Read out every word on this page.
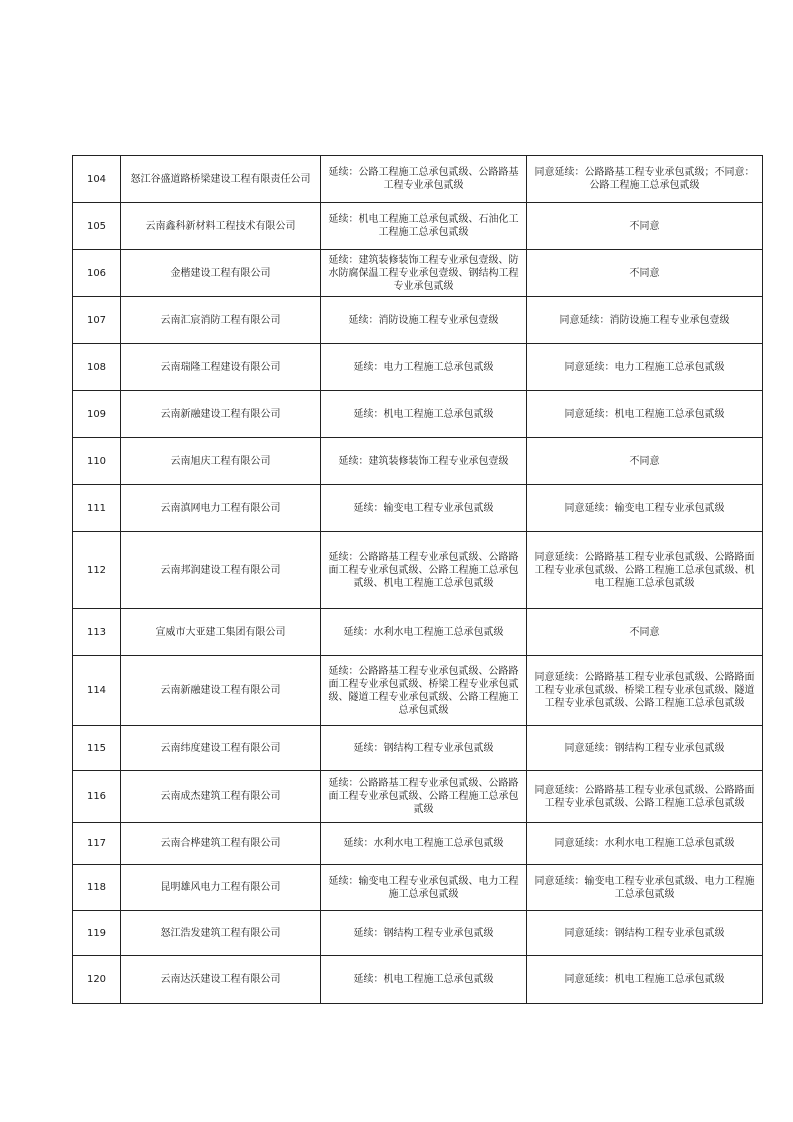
104	怒江谷盛道路桥梁建设工程有限责任公司	延续：公路工程施工总承包贰级、公路路基工程专业承包贰级	同意延续：公路路基工程专业承包贰级；不同意：公路工程施工总承包贰级
105	云南鑫科新材料工程技术有限公司	延续：机电工程施工总承包贰级、石油化工工程施工总承包贰级	不同意
106	金楷建设工程有限公司	延续：建筑装修装饰工程专业承包壹级、防水防腐保温工程专业承包壹级、钢结构工程专业承包贰级	不同意
107	云南汇宸消防工程有限公司	延续：消防设施工程专业承包壹级	同意延续：消防设施工程专业承包壹级
108	云南瑞隆工程建设有限公司	延续：电力工程施工总承包贰级	同意延续：电力工程施工总承包贰级
109	云南新融建设工程有限公司	延续：机电工程施工总承包贰级	同意延续：机电工程施工总承包贰级
110	云南旭庆工程有限公司	延续：建筑装修装饰工程专业承包壹级	不同意
111	云南滇网电力工程有限公司	延续：输变电工程专业承包贰级	同意延续：输变电工程专业承包贰级
112	云南邦润建设工程有限公司	延续：公路路基工程专业承包贰级、公路路面工程专业承包贰级、公路工程施工总承包贰级、机电工程施工总承包贰级	同意延续：公路路基工程专业承包贰级、公路路面工程专业承包贰级、公路工程施工总承包贰级、机电工程施工总承包贰级
113	宣威市大亚建工集团有限公司	延续：水利水电工程施工总承包贰级	不同意
114	云南新融建设工程有限公司	延续：公路路基工程专业承包贰级、公路路面工程专业承包贰级、桥梁工程专业承包贰级、隧道工程专业承包贰级、公路工程施工总承包贰级	同意延续：公路路基工程专业承包贰级、公路路面工程专业承包贰级、桥梁工程专业承包贰级、隧道工程专业承包贰级、公路工程施工总承包贰级
115	云南纬度建设工程有限公司	延续：钢结构工程专业承包贰级	同意延续：钢结构工程专业承包贰级
116	云南成杰建筑工程有限公司	延续：公路路基工程专业承包贰级、公路路面工程专业承包贰级、公路工程施工总承包贰级	同意延续：公路路基工程专业承包贰级、公路路面工程专业承包贰级、公路工程施工总承包贰级
117	云南合桦建筑工程有限公司	延续：水利水电工程施工总承包贰级	同意延续：水利水电工程施工总承包贰级
118	昆明雄风电力工程有限公司	延续：输变电工程专业承包贰级、电力工程施工总承包贰级	同意延续：输变电工程专业承包贰级、电力工程施工总承包贰级
119	怒江浩发建筑工程有限公司	延续：钢结构工程专业承包贰级	同意延续：钢结构工程专业承包贰级
120	云南达沃建设工程有限公司	延续：机电工程施工总承包贰级	同意延续：机电工程施工总承包贰级
